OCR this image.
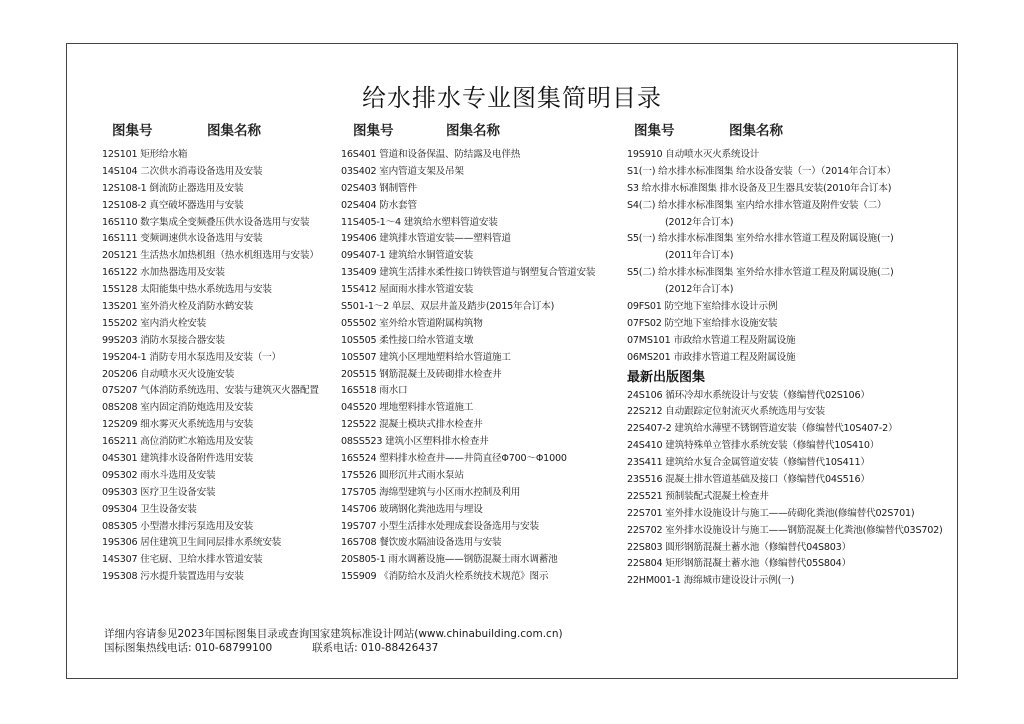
给水排水专业图集简明目录
图集号	图集名称	图集号	图集名称	图集号	图集名称
12S101 矩形给水箱
14S104 二次供水消毒设备选用及安装
12S108-1 倒流防止器选用及安装
12S108-2 真空破坏器选用与安装
16S110 数字集成全变频叠压供水设备选用与安装
16S111 变频调速供水设备选用与安装
20S121 生活热水加热机组（热水机组选用与安装）
16S122 水加热器选用及安装
15S128 太阳能集中热水系统选用与安装
13S201 室外消火栓及消防水鹤安装
15S202 室内消火栓安装
99S203 消防水泵接合器安装
19S204-1 消防专用水泵选用及安装（一）
20S206 自动喷水灭火设施安装
07S207 气体消防系统选用、安装与建筑灭火器配置
08S208 室内固定消防炮选用及安装
12S209 细水雾灭火系统选用与安装
16S211 高位消防贮水箱选用及安装
04S301 建筑排水设备附件选用安装
09S302 雨水斗选用及安装
09S303 医疗卫生设备安装
09S304 卫生设备安装
08S305 小型潜水排污泵选用及安装
19S306 居住建筑卫生间同层排水系统安装
14S307 住宅厨、卫给水排水管道安装
19S308 污水提升装置选用与安装
16S401 管道和设备保温、防结露及电伴热
03S402 室内管道支架及吊架
02S403 钢制管件
02S404 防水套管
11S405-1～4 建筑给水塑料管道安装
19S406 建筑排水管道安装——塑料管道
09S407-1 建筑给水铜管道安装
13S409 建筑生活排水柔性接口铸铁管道与钢塑复合管道安装
15S412 屋面雨水排水管道安装
S501-1～2 单层、双层井盖及踏步(2015年合订本)
05S502 室外给水管道附属构筑物
10S505 柔性接口给水管道支墩
10S507 建筑小区埋地塑料给水管道施工
20S515 钢筋混凝土及砖砌排水检查井
16S518 雨水口
04S520 埋地塑料排水管道施工
12S522 混凝土模块式排水检查井
08SS523 建筑小区塑料排水检查井
16S524 塑料排水检查井——井筒直径Φ700～Φ1000
17S526 圆形沉井式雨水泵站
17S705 海绵型建筑与小区雨水控制及利用
14S706 玻璃钢化粪池选用与埋设
19S707 小型生活排水处理成套设备选用与安装
16S708 餐饮废水隔油设备选用与安装
20S805-1 雨水调蓄设施——钢筋混凝土雨水调蓄池
15S909 《消防给水及消火栓系统技术规范》图示
19S910 自动喷水灭火系统设计
S1(一) 给水排水标准图集 给水设备安装（一）（2014年合订本）
S3 给水排水标准图集 排水设备及卫生器具安装(2010年合订本)
S4(二) 给水排水标准图集 室内给水排水管道及附件安装（二）
(2012年合订本)
S5(一) 给水排水标准图集 室外给水排水管道工程及附属设施(一)
(2011年合订本)
S5(二) 给水排水标准图集 室外给水排水管道工程及附属设施(二)
(2012年合订本)
09FS01 防空地下室给排水设计示例
07FS02 防空地下室给排水设施安装
07MS101 市政给水管道工程及附属设施
06MS201 市政排水管道工程及附属设施
最新出版图集
24S106 循环冷却水系统设计与安装（修编替代02S106）
22S212 自动跟踪定位射流灭火系统选用与安装
22S407-2 建筑给水薄壁不锈钢管道安装（修编替代10S407-2）
24S410 建筑特殊单立管排水系统安装（修编替代10S410）
23S411 建筑给水复合金属管道安装（修编替代10S411）
23S516 混凝土排水管道基础及接口（修编替代04S516）
22S521 预制装配式混凝土检查井
22S701 室外排水设施设计与施工——砖砌化粪池(修编替代02S701)
22S702 室外排水设施设计与施工——钢筋混凝土化粪池(修编替代03S702)
22S803 圆形钢筋混凝土蓄水池（修编替代04S803）
22S804 矩形钢筋混凝土蓄水池（修编替代05S804）
22HM001-1 海绵城市建设设计示例(一)
详细内容请参见2023年国标图集目录或查询国家建筑标准设计网站(www.chinabuilding.com.cn)
国标图集热线电话: 010-68799100	联系电话: 010-88426437
